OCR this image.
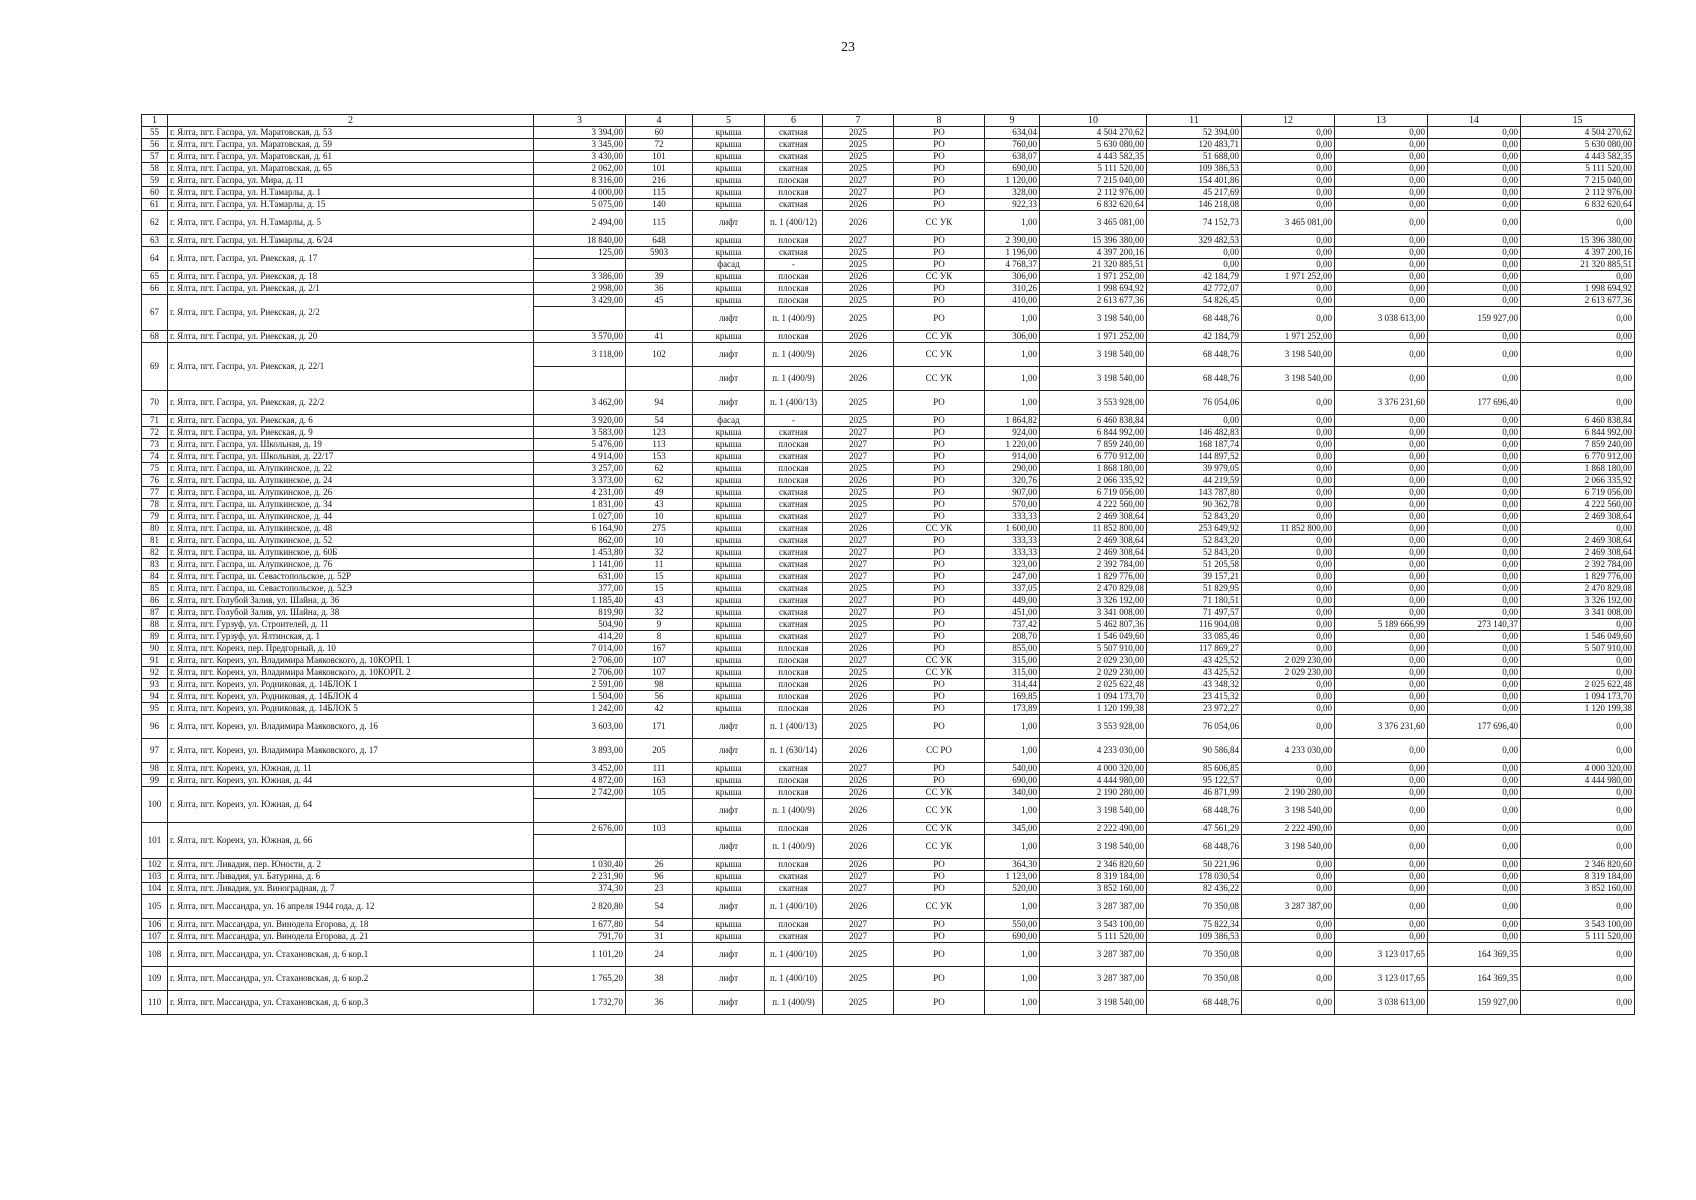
23
1	2	3	4	5	6	7	8	9	10	11	12	13	14	15
55	г. Ялта, пгт. Гаспра, ул. Маратовская, д. 53	3 394,00	60	крыша	скатная	2025	РО	634,04	4 504 270,62	52 394,00	0,00	0,00	0,00	4 504 270,62
56	г. Ялта, пгт. Гаспра, ул. Маратовская, д. 59	3 345,00	72	крыша	скатная	2025	РО	760,00	5 630 080,00	120 483,71	0,00	0,00	0,00	5 630 080,00
57	г. Ялта, пгт. Гаспра, ул. Маратовская, д. 61	3 430,00	101	крыша	скатная	2025	РО	638,07	4 443 582,35	51 688,00	0,00	0,00	0,00	4 443 582,35
58	г. Ялта, пгт. Гаспра, ул. Маратовская, д. 65	2 062,00	101	крыша	скатная	2025	РО	690,00	5 111 520,00	109 386,53	0,00	0,00	0,00	5 111 520,00
59	г. Ялта, пгт. Гаспра, ул. Мира, д. 11	8 316,00	216	крыша	плоская	2027	РО	1 120,00	7 215 040,00	154 401,86	0,00	0,00	0,00	7 215 040,00
60	г. Ялта, пгт. Гаспра, ул. Н.Тамарлы, д. 1	4 000,00	115	крыша	плоская	2027	РО	328,00	2 112 976,00	45 217,69	0,00	0,00	0,00	2 112 976,00
61	г. Ялта, пгт. Гаспра, ул. Н.Тамарлы, д. 15	5 075,00	140	крыша	скатная	2026	РО	922,33	6 832 620,64	146 218,08	0,00	0,00	0,00	6 832 620,64
62	г. Ялта, пгт. Гаспра, ул. Н.Тамарлы, д. 5	2 494,00	115	лифт	п. 1 (400/12)	2026	СС УК	1,00	3 465 081,00	74 152,73	3 465 081,00	0,00	0,00	0,00
63	г. Ялта, пгт. Гаспра, ул. Н.Тамарлы, д. 6/24	18 840,00	648	крыша	плоская	2027	РО	2 390,00	15 396 380,00	329 482,53	0,00	0,00	0,00	15 396 380,00
64	г. Ялта, пгт. Гаспра, ул. Риекская, д. 17	125,00	5903	крыша	скатная	2025	РО	1 196,00	4 397 200,16	0,00	0,00	0,00	0,00	4 397 200,16
				фасад	-	2025	РО	4 768,37	21 320 885,51	0,00	0,00	0,00	0,00	21 320 885,51
65	г. Ялта, пгт. Гаспра, ул. Риекская, д. 18	3 386,00	39	крыша	плоская	2026	СС УК	306,00	1 971 252,00	42 184,79	1 971 252,00	0,00	0,00	0,00
66	г. Ялта, пгт. Гаспра, ул. Риекская, д. 2/1	2 998,00	36	крыша	плоская	2026	РО	310,26	1 998 694,92	42 772,07	0,00	0,00	0,00	1 998 694,92
67	г. Ялта, пгт. Гаспра, ул. Риекская, д. 2/2	3 429,00	45	крыша	плоская	2025	РО	410,00	2 613 677,36	54 826,45	0,00	0,00	0,00	2 613 677,36
				лифт	п. 1 (400/9)	2025	РО	1,00	3 198 540,00	68 448,76	0,00	3 038 613,00	159 927,00	0,00
68	г. Ялта, пгт. Гаспра, ул. Риекская, д. 20	3 570,00	41	крыша	плоская	2026	СС УК	306,00	1 971 252,00	42 184,79	1 971 252,00	0,00	0,00	0,00
69	г. Ялта, пгт. Гаспра, ул. Риекская, д. 22/1	3 118,00	102	лифт	п. 1 (400/9)	2026	СС УК	1,00	3 198 540,00	68 448,76	3 198 540,00	0,00	0,00	0,00
				лифт	п. 1 (400/9)	2026	СС УК	1,00	3 198 540,00	68 448,76	3 198 540,00	0,00	0,00	0,00
70	г. Ялта, пгт. Гаспра, ул. Риекская, д. 22/2	3 462,00	94	лифт	п. 1 (400/13)	2025	РО	1,00	3 553 928,00	76 054,06	0,00	3 376 231,60	177 696,40	0,00
71	г. Ялта, пгт. Гаспра, ул. Риекская, д. 6	3 920,00	54	фасад	-	2025	РО	1 864,82	6 460 838,84	0,00	0,00	0,00	0,00	6 460 838,84
72	г. Ялта, пгт. Гаспра, ул. Риекская, д. 9	3 583,00	123	крыша	скатная	2027	РО	924,00	6 844 992,00	146 482,83	0,00	0,00	0,00	6 844 992,00
73	г. Ялта, пгт. Гаспра, ул. Школьная, д. 19	5 476,00	113	крыша	плоская	2027	РО	1 220,00	7 859 240,00	168 187,74	0,00	0,00	0,00	7 859 240,00
74	г. Ялта, пгт. Гаспра, ул. Школьная, д. 22/17	4 914,00	153	крыша	скатная	2027	РО	914,00	6 770 912,00	144 897,52	0,00	0,00	0,00	6 770 912,00
75	г. Ялта, пгт. Гаспра, ш. Алупкинское, д. 22	3 257,00	62	крыша	плоская	2025	РО	290,00	1 868 180,00	39 979,05	0,00	0,00	0,00	1 868 180,00
76	г. Ялта, пгт. Гаспра, ш. Алупкинское, д. 24	3 373,00	62	крыша	плоская	2026	РО	320,76	2 066 335,92	44 219,59	0,00	0,00	0,00	2 066 335,92
77	г. Ялта, пгт. Гаспра, ш. Алупкинское, д. 26	4 231,00	49	крыша	скатная	2025	РО	907,00	6 719 056,00	143 787,80	0,00	0,00	0,00	6 719 056,00
78	г. Ялта, пгт. Гаспра, ш. Алупкинское, д. 34	1 831,00	43	крыша	скатная	2025	РО	570,00	4 222 560,00	90 362,78	0,00	0,00	0,00	4 222 560,00
79	г. Ялта, пгт. Гаспра, ш. Алупкинское, д. 44	1 027,00	10	крыша	скатная	2027	РО	333,33	2 469 308,64	52 843,20	0,00	0,00	0,00	2 469 308,64
80	г. Ялта, пгт. Гаспра, ш. Алупкинское, д. 48	6 164,90	275	крыша	скатная	2026	СС УК	1 600,00	11 852 800,00	253 649,92	11 852 800,00	0,00	0,00	0,00
81	г. Ялта, пгт. Гаспра, ш. Алупкинское, д. 52	862,00	10	крыша	скатная	2027	РО	333,33	2 469 308,64	52 843,20	0,00	0,00	0,00	2 469 308,64
82	г. Ялта, пгт. Гаспра, ш. Алупкинское, д. 60Б	1 453,80	32	крыша	скатная	2027	РО	333,33	2 469 308,64	52 843,20	0,00	0,00	0,00	2 469 308,64
83	г. Ялта, пгт. Гаспра, ш. Алупкинское, д. 76	1 141,00	11	крыша	скатная	2027	РО	323,00	2 392 784,00	51 205,58	0,00	0,00	0,00	2 392 784,00
84	г. Ялта, пгт. Гаспра, ш. Севастопольское, д. 52Р	631,00	15	крыша	скатная	2027	РО	247,00	1 829 776,00	39 157,21	0,00	0,00	0,00	1 829 776,00
85	г. Ялта, пгт. Гаспра, ш. Севастопольское, д. 52Э	377,00	15	крыша	скатная	2025	РО	337,05	2 470 829,08	51 829,95	0,00	0,00	0,00	2 470 829,08
86	г. Ялта, пгт. Голубой Залив, ул. Шайна, д. 36	1 185,40	43	крыша	скатная	2027	РО	449,00	3 326 192,00	71 180,51	0,00	0,00	0,00	3 326 192,00
87	г. Ялта, пгт. Голубой Залив, ул. Шайна, д. 38	819,90	32	крыша	скатная	2027	РО	451,00	3 341 008,00	71 497,57	0,00	0,00	0,00	3 341 008,00
88	г. Ялта, пгт. Гурзуф, ул. Строителей, д. 11	504,90	9	крыша	скатная	2025	РО	737,42	5 462 807,36	116 904,08	0,00	5 189 666,99	273 140,37	0,00
89	г. Ялта, пгт. Гурзуф, ул. Ялтинская, д. 1	414,20	8	крыша	скатная	2027	РО	208,70	1 546 049,60	33 085,46	0,00	0,00	0,00	1 546 049,60
90	г. Ялта, пгт. Кореиз, пер. Предгорный, д. 10	7 014,00	167	крыша	плоская	2026	РО	855,00	5 507 910,00	117 869,27	0,00	0,00	0,00	5 507 910,00
91	г. Ялта, пгт. Кореиз, ул. Владимира Маяковского, д. 10КОРП. 1	2 706,00	107	крыша	плоская	2027	СС УК	315,00	2 029 230,00	43 425,52	2 029 230,00	0,00	0,00	0,00
92	г. Ялта, пгт. Кореиз, ул. Владимира Маяковского, д. 10КОРП. 2	2 706,00	107	крыша	плоская	2025	СС УК	315,00	2 029 230,00	43 425,52	2 029 230,00	0,00	0,00	0,00
93	г. Ялта, пгт. Кореиз, ул. Родниковая, д. 14БЛОК 1	2 591,00	98	крыша	плоская	2026	РО	314,44	2 025 622,48	43 348,32	0,00	0,00	0,00	2 025 622,48
94	г. Ялта, пгт. Кореиз, ул. Родниковая, д. 14БЛОК 4	1 504,00	56	крыша	плоская	2026	РО	169,85	1 094 173,70	23 415,32	0,00	0,00	0,00	1 094 173,70
95	г. Ялта, пгт. Кореиз, ул. Родниковая, д. 14БЛОК 5	1 242,00	42	крыша	плоская	2026	РО	173,89	1 120 199,38	23 972,27	0,00	0,00	0,00	1 120 199,38
96	г. Ялта, пгт. Кореиз, ул. Владимира Маяковского, д. 16	3 603,00	171	лифт	п. 1 (400/13)	2025	РО	1,00	3 553 928,00	76 054,06	0,00	3 376 231,60	177 696,40	0,00
97	г. Ялта, пгт. Кореиз, ул. Владимира Маяковского, д. 17	3 893,00	205	лифт	п. 1 (630/14)	2026	СС РО	1,00	4 233 030,00	90 586,84	4 233 030,00	0,00	0,00	0,00
98	г. Ялта, пгт. Кореиз, ул. Южная, д. 11	3 452,00	111	крыша	скатная	2027	РО	540,00	4 000 320,00	85 606,85	0,00	0,00	0,00	4 000 320,00
99	г. Ялта, пгт. Кореиз, ул. Южная, д. 44	4 872,00	163	крыша	плоская	2026	РО	690,00	4 444 980,00	95 122,57	0,00	0,00	0,00	4 444 980,00
100	г. Ялта, пгт. Кореиз, ул. Южная, д. 64	2 742,00	105	крыша	плоская	2026	СС УК	340,00	2 190 280,00	46 871,99	2 190 280,00	0,00	0,00	0,00
				лифт	п. 1 (400/9)	2026	СС УК	1,00	3 198 540,00	68 448,76	3 198 540,00	0,00	0,00	0,00
101	г. Ялта, пгт. Кореиз, ул. Южная, д. 66	2 676,00	103	крыша	плоская	2026	СС УК	345,00	2 222 490,00	47 561,29	2 222 490,00	0,00	0,00	0,00
				лифт	п. 1 (400/9)	2026	СС УК	1,00	3 198 540,00	68 448,76	3 198 540,00	0,00	0,00	0,00
102	г. Ялта, пгт. Ливадия, пер. Юности, д. 2	1 030,40	26	крыша	плоская	2026	РО	364,30	2 346 820,60	50 221,96	0,00	0,00	0,00	2 346 820,60
103	г. Ялта, пгт. Ливадия, ул. Батурина, д. 6	2 231,90	96	крыша	скатная	2027	РО	1 123,00	8 319 184,00	178 030,54	0,00	0,00	0,00	8 319 184,00
104	г. Ялта, пгт. Ливадия, ул. Виноградная, д. 7	374,30	23	крыша	скатная	2027	РО	520,00	3 852 160,00	82 436,22	0,00	0,00	0,00	3 852 160,00
105	г. Ялта, пгт. Массандра, ул. 16 апреля 1944 года, д. 12	2 820,80	54	лифт	п. 1 (400/10)	2026	СС УК	1,00	3 287 387,00	70 350,08	3 287 387,00	0,00	0,00	0,00
106	г. Ялта, пгт. Массандра, ул. Винодела Егорова, д. 18	1 677,80	54	крыша	плоская	2027	РО	550,00	3 543 100,00	75 822,34	0,00	0,00	0,00	3 543 100,00
107	г. Ялта, пгт. Массандра, ул. Винодела Егорова, д. 21	791,70	31	крыша	скатная	2027	РО	690,00	5 111 520,00	109 386,53	0,00	0,00	0,00	5 111 520,00
108	г. Ялта, пгт. Массандра, ул. Стахановская, д. 6 кор.1	1 101,20	24	лифт	п. 1 (400/10)	2025	РО	1,00	3 287 387,00	70 350,08	0,00	3 123 017,65	164 369,35	0,00
109	г. Ялта, пгт. Массандра, ул. Стахановская, д. 6 кор.2	1 765,20	38	лифт	п. 1 (400/10)	2025	РО	1,00	3 287 387,00	70 350,08	0,00	3 123 017,65	164 369,35	0,00
110	г. Ялта, пгт. Массандра, ул. Стахановская, д. 6 кор.3	1 732,70	36	лифт	п. 1 (400/9)	2025	РО	1,00	3 198 540,00	68 448,76	0,00	3 038 613,00	159 927,00	0,00
